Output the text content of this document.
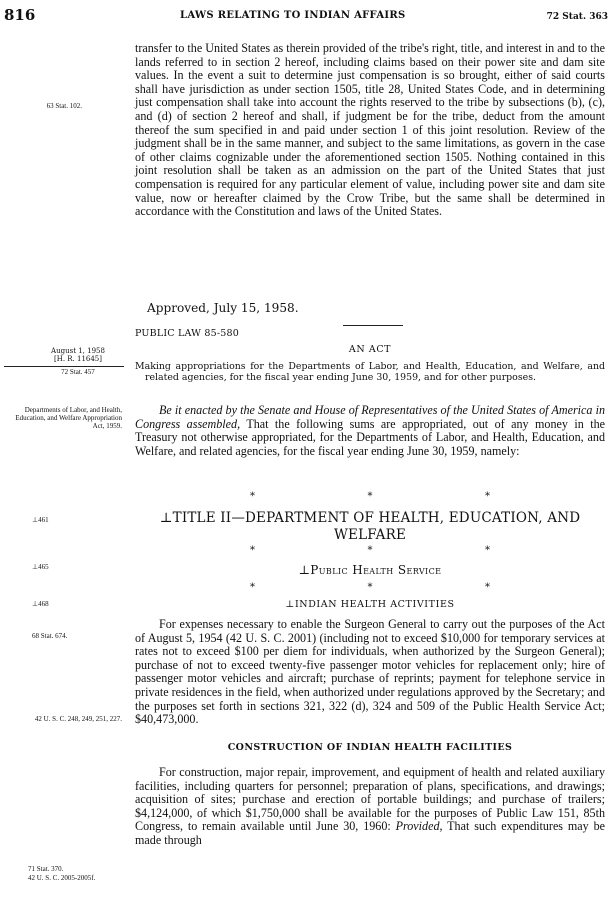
816	LAWS RELATING TO INDIAN AFFAIRS	72 Stat. 363
transfer to the United States as therein provided of the tribe's right, title, and interest in and to the lands referred to in section 2 hereof, including claims based on their power site and dam site values. In the event a suit to determine just compensation is so brought, either of said courts shall have jurisdiction as under section 1505, title 28, United States Code, and in determining just compensation shall take into account the rights reserved to the tribe by subsections (b), (c), and (d) of section 2 hereof and shall, if judgment be for the tribe, deduct from the amount thereof the sum specified in and paid under section 1 of this joint resolution. Review of the judgment shall be in the same manner, and subject to the same limitations, as govern in the case of other claims cognizable under the aforementioned section 1505. Nothing contained in this joint resolution shall be taken as an admission on the part of the United States that just compensation is required for any particular element of value, including power site and dam site value, now or hereafter claimed by the Crow Tribe, but the same shall be determined in accordance with the Constitution and laws of the United States.
63 Stat. 102.
Approved, July 15, 1958.
PUBLIC LAW 85-580
AN ACT
August 1, 1958
[H. R. 11645]
72 Stat. 457	Making appropriations for the Departments of Labor, and Health, Education, and Welfare, and related agencies, for the fiscal year ending June 30, 1959, and for other purposes.
Departments of Labor, and Health, Education, and Welfare Appropriation Act, 1959.
Be it enacted by the Senate and House of Representatives of the United States of America in Congress assembled, That the following sums are appropriated, out of any money in the Treasury not otherwise appropriated, for the Departments of Labor, and Health, Education, and Welfare, and related agencies, for the fiscal year ending June 30, 1959, namely:
*	*	*
⊥461	⊥TITLE II—DEPARTMENT OF HEALTH, EDUCATION, AND WELFARE
*	*	*
⊥465	⊥Public Health Service
*	*	*
⊥468	⊥INDIAN HEALTH ACTIVITIES
For expenses necessary to enable the Surgeon General to carry out the purposes of the Act of August 5, 1954 (42 U. S. C. 2001) (including not to exceed $10,000 for temporary services at rates not to exceed $100 per diem for individuals, when authorized by the Surgeon General); purchase of not to exceed twenty-five passenger motor vehicles for replacement only; hire of passenger motor vehicles and aircraft; purchase of reprints; payment for telephone service in private residences in the field, when authorized under regulations approved by the Secretary; and the purposes set forth in sections 321, 322 (d), 324 and 509 of the Public Health Service Act; $40,473,000.
68 Stat. 674.
42 U. S. C. 248, 249, 251, 227.
CONSTRUCTION OF INDIAN HEALTH FACILITIES
For construction, major repair, improvement, and equipment of health and related auxiliary facilities, including quarters for personnel; preparation of plans, specifications, and drawings; acquisition of sites; purchase and erection of portable buildings; and purchase of trailers; $4,124,000, of which $1,750,000 shall be available for the purposes of Public Law 151, 85th Congress, to remain available until June 30, 1960: Provided, That such expenditures may be made through
71 Stat. 370.
42 U. S. C. 2005-2005f.
